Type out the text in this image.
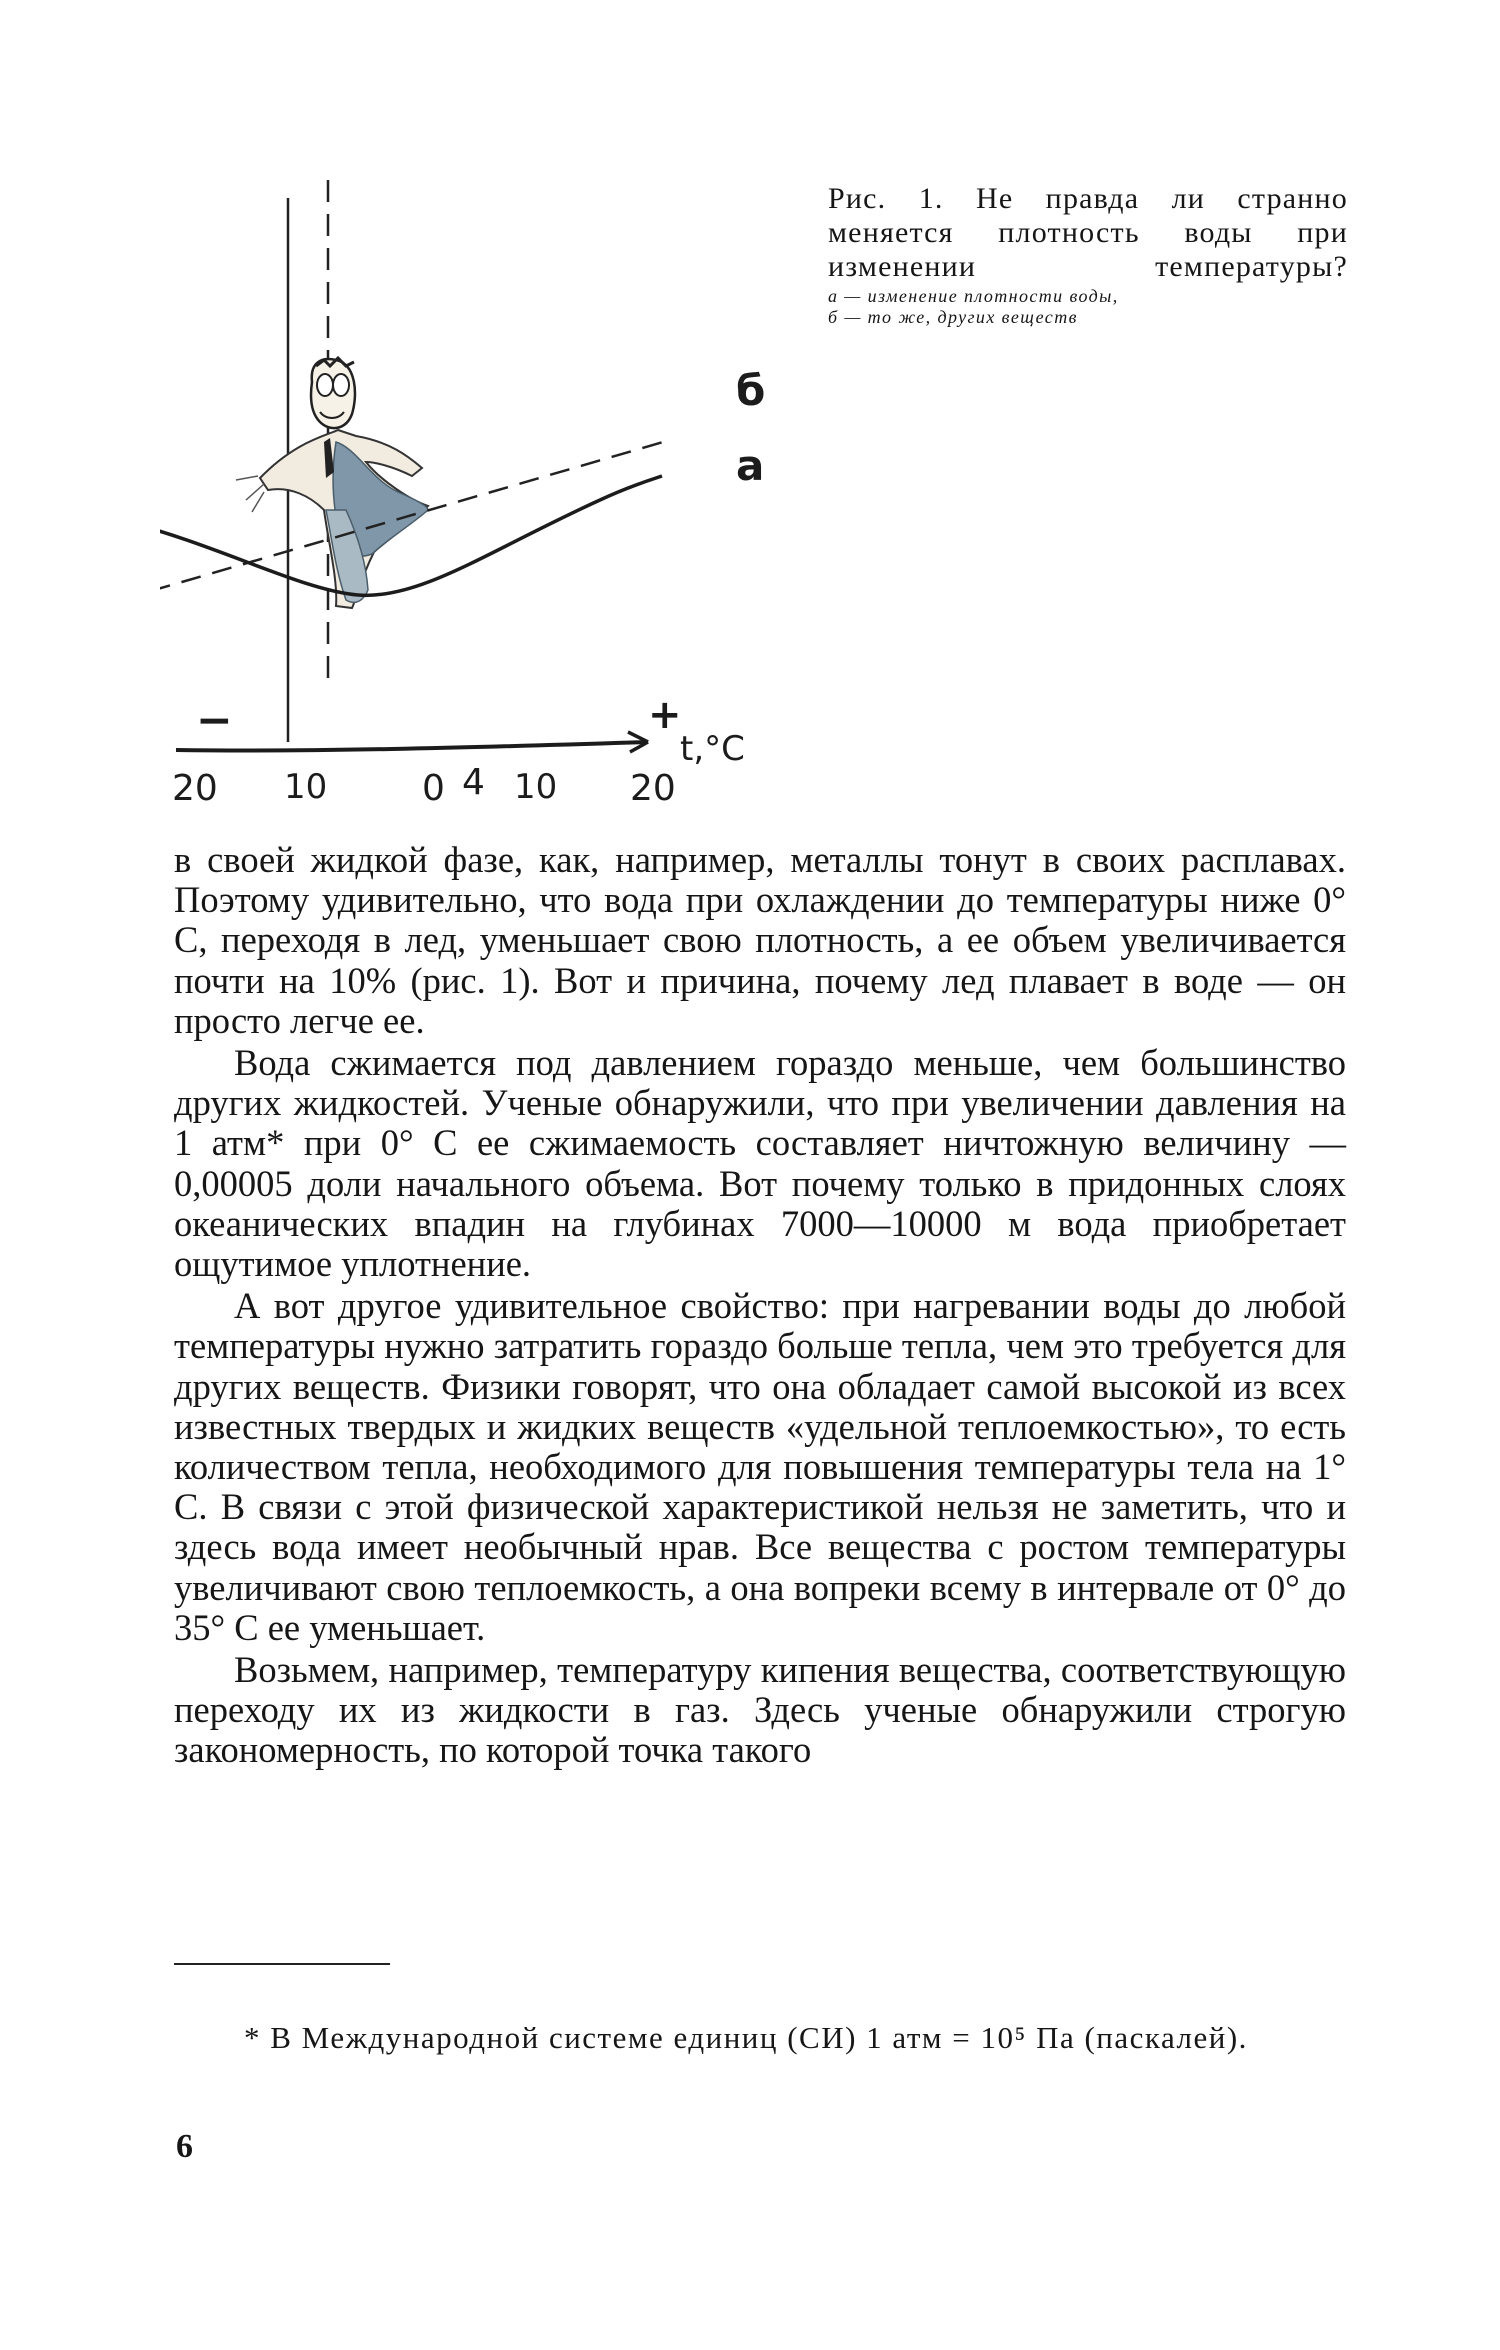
−	+
t,°C
20 10	0 4 10 20
б
а

Рис. 1. Не правда ли странно
меняется плотность воды при
изменении температуры?

а — изменение плотности воды,
б — то же, других веществ

в своей жидкой фазе, как, например, металлы тонут в своих расплавах. Поэтому удивительно, что вода при охлаждении до температуры ниже 0° С, переходя в лед, уменьшает свою плотность, а ее объем увеличивается почти на 10% (рис. 1). Вот и причина, почему лед плавает в воде — он просто легче ее.

Вода сжимается под давлением гораздо меньше, чем большинство других жидкостей. Ученые обнаружили, что при увеличении давления на 1 атм* при 0° С ее сжимаемость составляет ничтожную величину — 0,00005 доли начального объема. Вот почему только в придонных слоях океанических впадин на глубинах 7000—10000 м вода приобретает ощутимое уплотнение.

А вот другое удивительное свойство: при нагревании воды до любой температуры нужно затратить гораздо больше тепла, чем это требуется для других веществ. Физики говорят, что она обладает самой высокой из всех известных твердых и жидких веществ «удельной теплоемкостью», то есть количеством тепла, необходимого для повышения температуры тела на 1° С. В связи с этой физической характеристикой нельзя не заметить, что и здесь вода имеет необычный нрав. Все вещества с ростом температуры увеличивают свою теплоемкость, а она вопреки всему в интервале от 0° до 35° С ее уменьшает.

Возьмем, например, температуру кипения вещества, соответствующую переходу их из жидкости в газ. Здесь ученые обнаружили строгую закономерность, по которой точка такого

* В Международной системе единиц (СИ) 1 атм = 10⁵ Па (паскалей).

6
